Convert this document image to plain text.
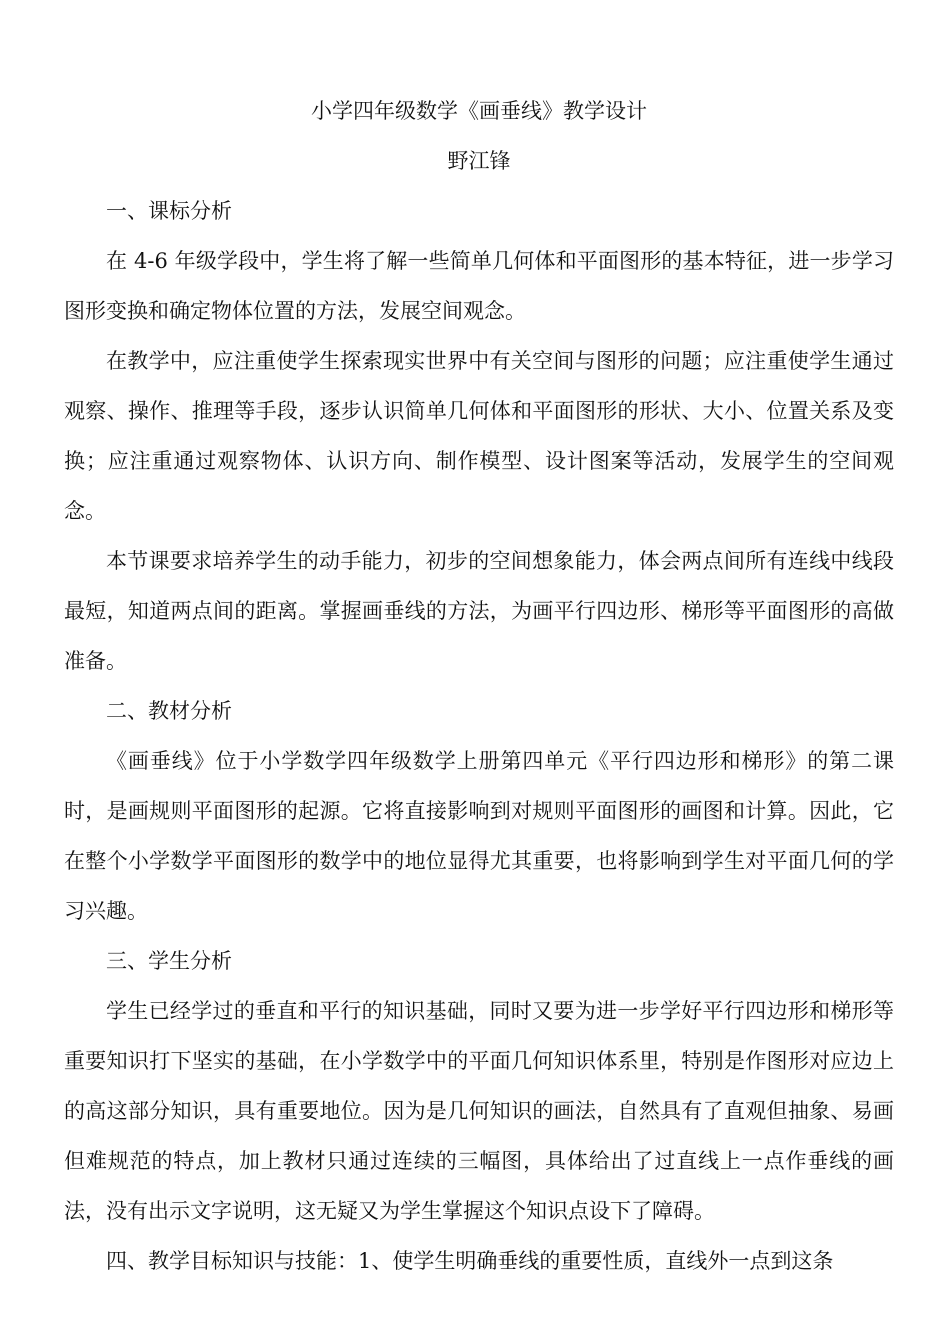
小学四年级数学《画垂线》教学设计

野江锋

一、课标分析

在 4-6 年级学段中，学生将了解一些简单几何体和平面图形的基本特征，进一步学习图形变换和确定物体位置的方法，发展空间观念。

在教学中，应注重使学生探索现实世界中有关空间与图形的问题；应注重使学生通过观察、操作、推理等手段，逐步认识简单几何体和平面图形的形状、大小、位置关系及变换；应注重通过观察物体、认识方向、制作模型、设计图案等活动，发展学生的空间观念。

本节课要求培养学生的动手能力，初步的空间想象能力，体会两点间所有连线中线段最短，知道两点间的距离。掌握画垂线的方法，为画平行四边形、梯形等平面图形的高做准备。

二、教材分析

《画垂线》位于小学数学四年级数学上册第四单元《平行四边形和梯形》的第二课时，是画规则平面图形的起源。它将直接影响到对规则平面图形的画图和计算。因此，它在整个小学数学平面图形的数学中的地位显得尤其重要，也将影响到学生对平面几何的学习兴趣。

三、学生分析

学生已经学过的垂直和平行的知识基础，同时又要为进一步学好平行四边形和梯形等重要知识打下坚实的基础，在小学数学中的平面几何知识体系里，特别是作图形对应边上的高这部分知识，具有重要地位。因为是几何知识的画法，自然具有了直观但抽象、易画但难规范的特点，加上教材只通过连续的三幅图，具体给出了过直线上一点作垂线的画法，没有出示文字说明，这无疑又为学生掌握这个知识点设下了障碍。

四、教学目标知识与技能：1、使学生明确垂线的重要性质，直线外一点到这条
